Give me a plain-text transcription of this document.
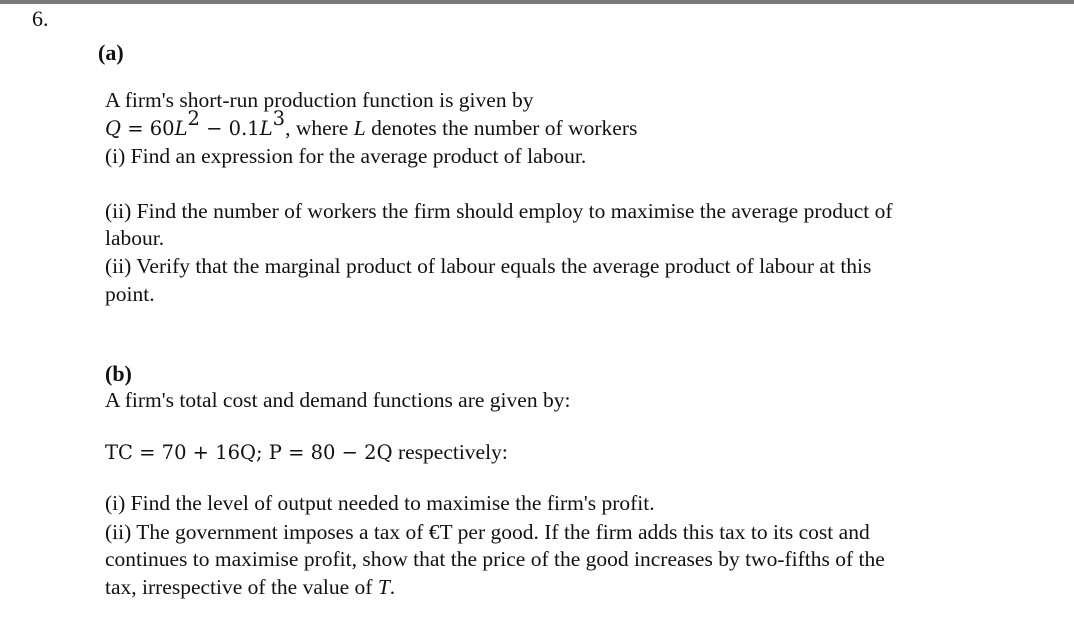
6.
(a)
A firm's short-run production function is given by
$Q = 60L^2 - 0.1L^3$, where L denotes the number of workers
(i) Find an expression for the average product of labour.
(ii) Find the number of workers the firm should employ to maximise the average product of
labour.
(ii) Verify that the marginal product of labour equals the average product of labour at this
point.
(b)
A firm's total cost and demand functions are given by:
TC = 70 + 16Q; P = 80 − 2Q respectively:
(i) Find the level of output needed to maximise the firm's profit.
(ii) The government imposes a tax of €T per good. If the firm adds this tax to its cost and
continues to maximise profit, show that the price of the good increases by two-fifths of the
tax, irrespective of the value of T.
